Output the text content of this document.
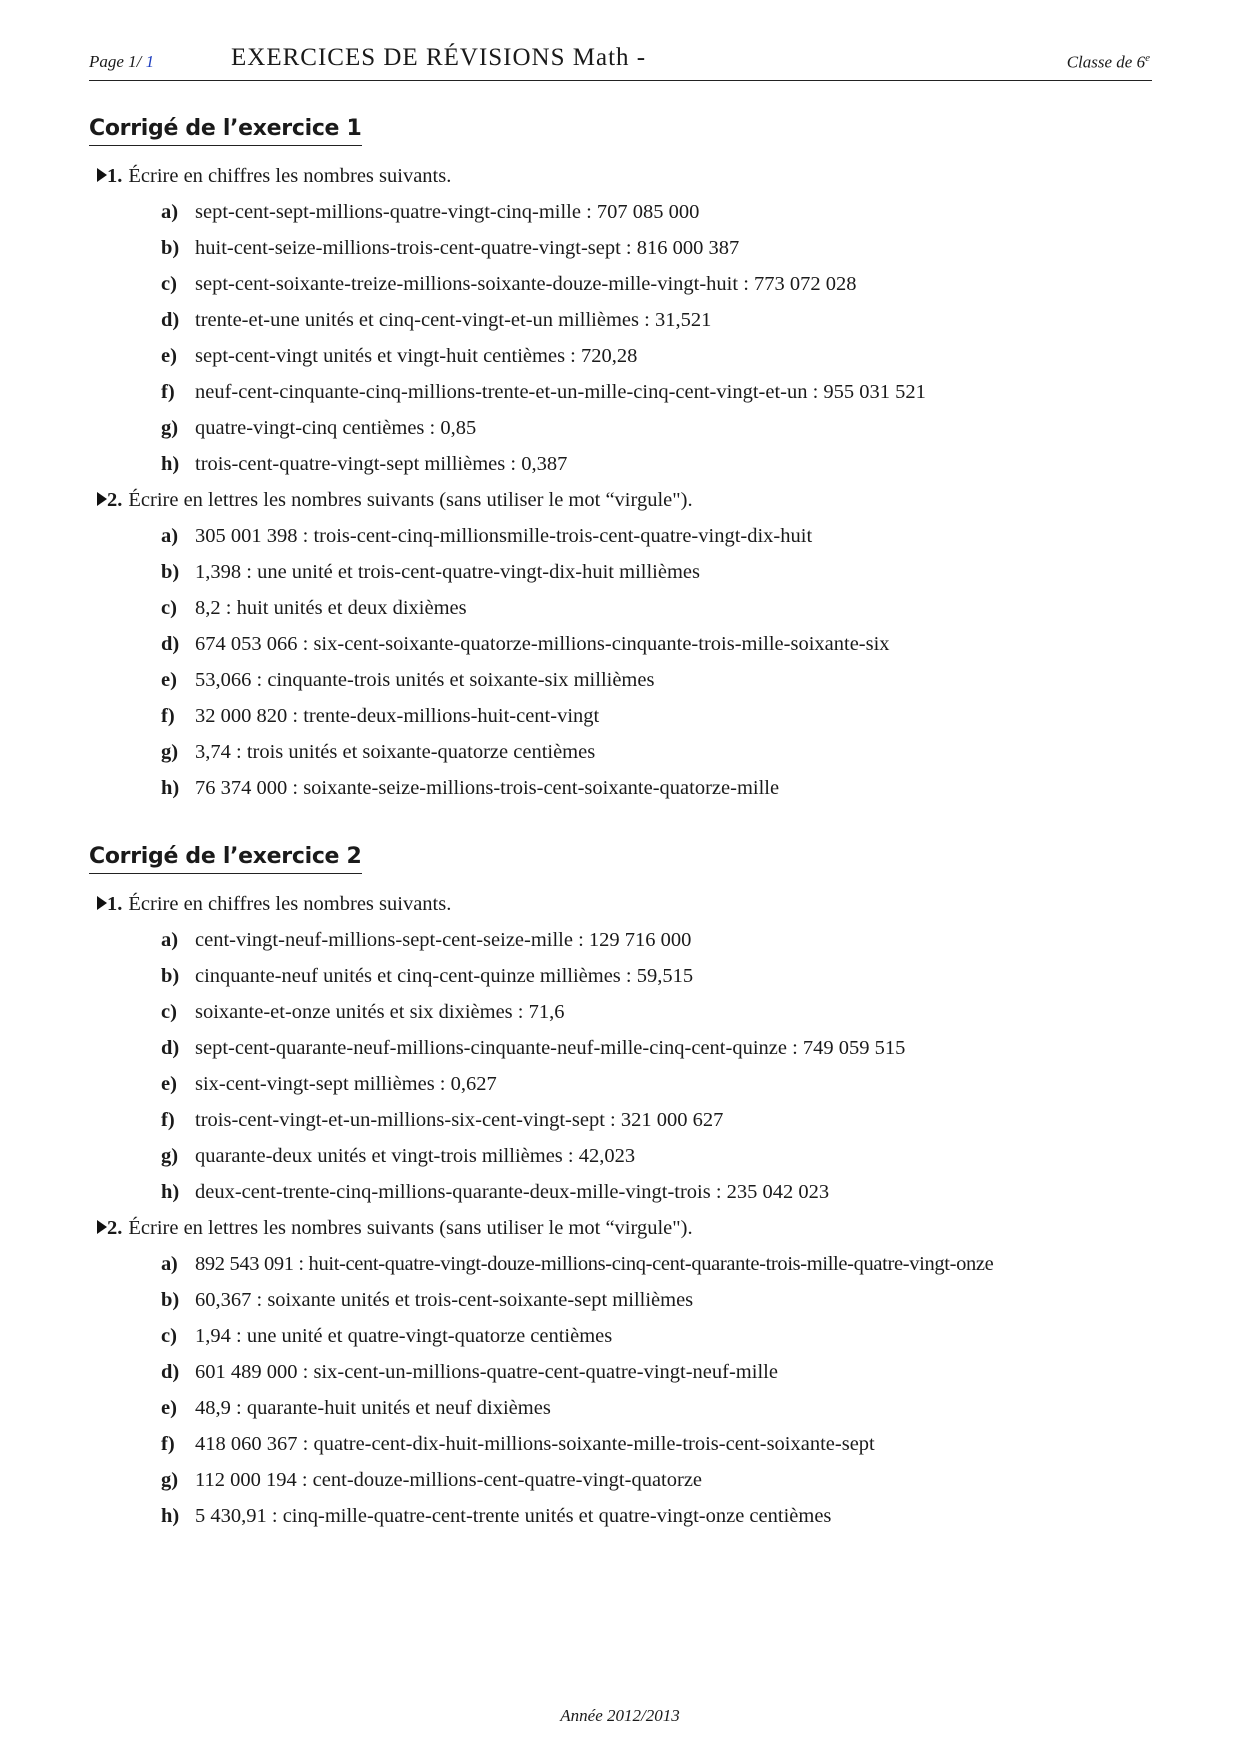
Page 1/ 1	EXERCICES DE RÉVISIONS Math -	Classe de 6e
Corrigé de l’exercice 1
1. Écrire en chiffres les nombres suivants.
a) sept-cent-sept-millions-quatre-vingt-cinq-mille : 707 085 000
b) huit-cent-seize-millions-trois-cent-quatre-vingt-sept : 816 000 387
c) sept-cent-soixante-treize-millions-soixante-douze-mille-vingt-huit : 773 072 028
d) trente-et-une unités et cinq-cent-vingt-et-un millièmes : 31,521
e) sept-cent-vingt unités et vingt-huit centièmes : 720,28
f) neuf-cent-cinquante-cinq-millions-trente-et-un-mille-cinq-cent-vingt-et-un : 955 031 521
g) quatre-vingt-cinq centièmes : 0,85
h) trois-cent-quatre-vingt-sept millièmes : 0,387
2. Écrire en lettres les nombres suivants (sans utiliser le mot “virgule").
a) 305 001 398 : trois-cent-cinq-millionsmille-trois-cent-quatre-vingt-dix-huit
b) 1,398 : une unité et trois-cent-quatre-vingt-dix-huit millièmes
c) 8,2 : huit unités et deux dixièmes
d) 674 053 066 : six-cent-soixante-quatorze-millions-cinquante-trois-mille-soixante-six
e) 53,066 : cinquante-trois unités et soixante-six millièmes
f) 32 000 820 : trente-deux-millions-huit-cent-vingt
g) 3,74 : trois unités et soixante-quatorze centièmes
h) 76 374 000 : soixante-seize-millions-trois-cent-soixante-quatorze-mille
Corrigé de l’exercice 2
1. Écrire en chiffres les nombres suivants.
a) cent-vingt-neuf-millions-sept-cent-seize-mille : 129 716 000
b) cinquante-neuf unités et cinq-cent-quinze millièmes : 59,515
c) soixante-et-onze unités et six dixièmes : 71,6
d) sept-cent-quarante-neuf-millions-cinquante-neuf-mille-cinq-cent-quinze : 749 059 515
e) six-cent-vingt-sept millièmes : 0,627
f) trois-cent-vingt-et-un-millions-six-cent-vingt-sept : 321 000 627
g) quarante-deux unités et vingt-trois millièmes : 42,023
h) deux-cent-trente-cinq-millions-quarante-deux-mille-vingt-trois : 235 042 023
2. Écrire en lettres les nombres suivants (sans utiliser le mot “virgule").
a) 892 543 091 : huit-cent-quatre-vingt-douze-millions-cinq-cent-quarante-trois-mille-quatre-vingt-onze
b) 60,367 : soixante unités et trois-cent-soixante-sept millièmes
c) 1,94 : une unité et quatre-vingt-quatorze centièmes
d) 601 489 000 : six-cent-un-millions-quatre-cent-quatre-vingt-neuf-mille
e) 48,9 : quarante-huit unités et neuf dixièmes
f) 418 060 367 : quatre-cent-dix-huit-millions-soixante-mille-trois-cent-soixante-sept
g) 112 000 194 : cent-douze-millions-cent-quatre-vingt-quatorze
h) 5 430,91 : cinq-mille-quatre-cent-trente unités et quatre-vingt-onze centièmes
Année 2012/2013
